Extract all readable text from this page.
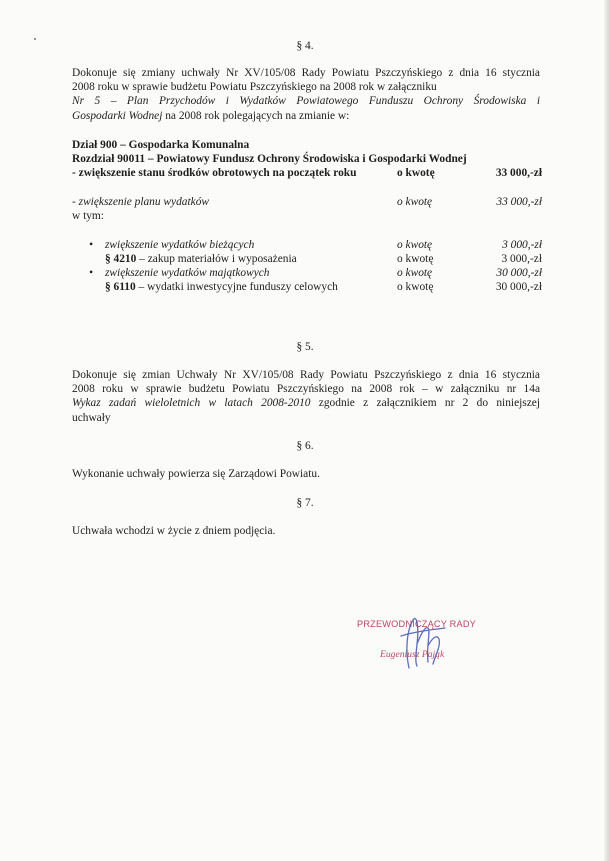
§ 4.
Dokonuje się zmiany uchwały Nr XV/105/08 Rady Powiatu Pszczyńskiego z dnia 16 stycznia
2008 roku w sprawie budżetu Powiatu Pszczyńskiego na 2008 rok w załączniku
Nr 5 – Plan Przychodów i Wydatków Powiatowego Funduszu Ochrony Środowiska i
Gospodarki Wodnej na 2008 rok polegających na zmianie w:
Dział 900 – Gospodarka Komunalna
Rozdział 90011 – Powiatowy Fundusz Ochrony Środowiska i Gospodarki Wodnej
- zwiększenie stanu środków obrotowych na początek roku	o kwotę	33 000,-zł
- zwiększenie planu wydatków	o kwotę	33 000,-zł
w tym:
• zwiększenie wydatków bieżących	o kwotę	3 000,-zł
§ 4210 – zakup materiałów i wyposażenia	o kwotę	3 000,-zł
• zwiększenie wydatków majątkowych	o kwotę	30 000,-zł
§ 6110 – wydatki inwestycyjne funduszy celowych	o kwotę	30 000,-zł
§ 5.
Dokonuje się zmian Uchwały Nr XV/105/08 Rady Powiatu Pszczyńskiego z dnia 16 stycznia
2008 roku w sprawie budżetu Powiatu Pszczyńskiego na 2008 rok – w załączniku nr 14a
Wykaz zadań wieloletnich w latach 2008-2010 zgodnie z załącznikiem nr 2 do niniejszej
uchwały
§ 6.
Wykonanie uchwały powierza się Zarządowi Powiatu.
§ 7.
Uchwała wchodzi w życie z dniem podjęcia.
PRZEWODNICZĄCY RADY
Eugeniusz Pająk
